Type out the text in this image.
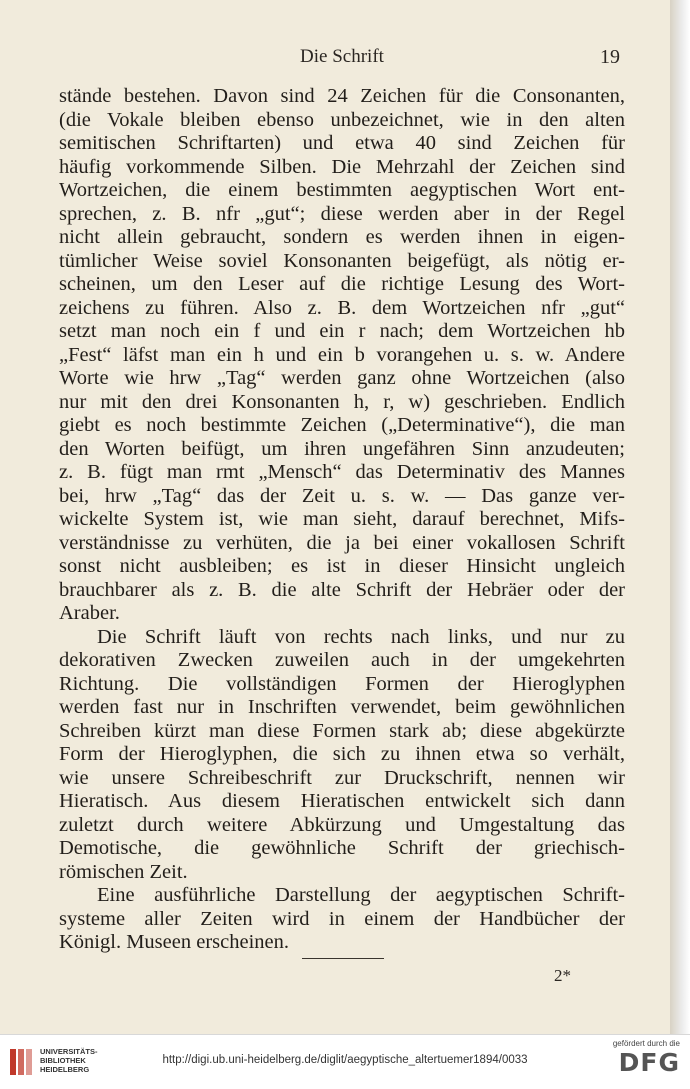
Die Schrift	19
stände bestehen. Davon sind 24 Zeichen für die Consonanten,
(die Vokale bleiben ebenso unbezeichnet, wie in den alten
semitischen Schriftarten) und etwa 40 sind Zeichen für
häufig vorkommende Silben. Die Mehrzahl der Zeichen sind
Wortzeichen, die einem bestimmten aegyptischen Wort ent-
sprechen, z. B. nfr „gut“; diese werden aber in der Regel
nicht allein gebraucht, sondern es werden ihnen in eigen-
tümlicher Weise soviel Konsonanten beigefügt, als nötig er-
scheinen, um den Leser auf die richtige Lesung des Wort-
zeichens zu führen. Also z. B. dem Wortzeichen nfr „gut“
setzt man noch ein f und ein r nach; dem Wortzeichen hb
„Fest“ läfst man ein h und ein b vorangehen u. s. w. Andere
Worte wie hrw „Tag“ werden ganz ohne Wortzeichen (also
nur mit den drei Konsonanten h, r, w) geschrieben. Endlich
giebt es noch bestimmte Zeichen („Determinative“), die man
den Worten beifügt, um ihren ungefähren Sinn anzudeuten;
z. B. fügt man rmt „Mensch“ das Determinativ des Mannes
bei, hrw „Tag“ das der Zeit u. s. w. — Das ganze ver-
wickelte System ist, wie man sieht, darauf berechnet, Mifs-
verständnisse zu verhüten, die ja bei einer vokallosen Schrift
sonst nicht ausbleiben; es ist in dieser Hinsicht ungleich
brauchbarer als z. B. die alte Schrift der Hebräer oder der
Araber.
Die Schrift läuft von rechts nach links, und nur zu
dekorativen Zwecken zuweilen auch in der umgekehrten
Richtung. Die vollständigen Formen der Hieroglyphen
werden fast nur in Inschriften verwendet, beim gewöhnlichen
Schreiben kürzt man diese Formen stark ab; diese abgekürzte
Form der Hieroglyphen, die sich zu ihnen etwa so verhält,
wie unsere Schreibeschrift zur Druckschrift, nennen wir
Hieratisch. Aus diesem Hieratischen entwickelt sich dann
zuletzt durch weitere Abkürzung und Umgestaltung das
Demotische, die gewöhnliche Schrift der griechisch-
römischen Zeit.
Eine ausführliche Darstellung der aegyptischen Schrift-
systeme aller Zeiten wird in einem der Handbücher der
Königl. Museen erscheinen.
2*
UNIVERSITÄTS-
BIBLIOTHEK
HEIDELBERG
http://digi.ub.uni-heidelberg.de/diglit/aegyptische_altertuemer1894/0033
gefördert durch die
DFG
